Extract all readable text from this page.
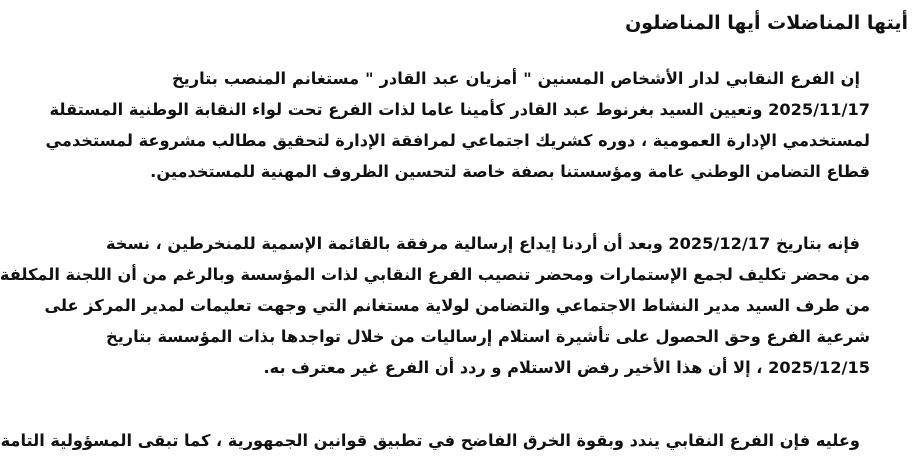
أيتها المناضلات أيها المناضلون

إن الفرع النقابي لدار الأشخاص المسنين " أمزيان عبد القادر " مستغانم المنصب بتاريخ
2025/11/17 وتعيين السيد بغرنوط عبد القادر كأمينا عاما لذات الفرع تحت لواء النقابة الوطنية المستقلة
لمستخدمي الإدارة العمومية ، دوره كشريك اجتماعي لمرافقة الإدارة لتحقيق مطالب مشروعة لمستخدمي
قطاع التضامن الوطني عامة ومؤسستنا بصفة خاصة لتحسين الظروف المهنية للمستخدمين.

فإنه بتاريخ 2025/12/17 وبعد أن أردنا إيداع إرسالية مرفقة بالقائمة الإسمية للمنخرطين ، نسخة
من محضر تكليف لجمع الإستمارات ومحضر تنصيب الفرع النقابي لذات المؤسسة وبالرغم من أن اللجنة المكلفة
من طرف السيد مدير النشاط الاجتماعي والتضامن لولاية مستغانم التي وجهت تعليمات لمدير المركز على
شرعية الفرع وحق الحصول على تأشيرة استلام إرساليات من خلال تواجدها بذات المؤسسة بتاريخ
2025/12/15 ، إلا أن هذا الأخير رفض الاستلام و ردد أن الفرع غير معترف به.

وعليه فإن الفرع النقابي يندد وبقوة الخرق الفاضح في تطبيق قوانين الجمهورية ، كما تبقى المسؤولية التامة
